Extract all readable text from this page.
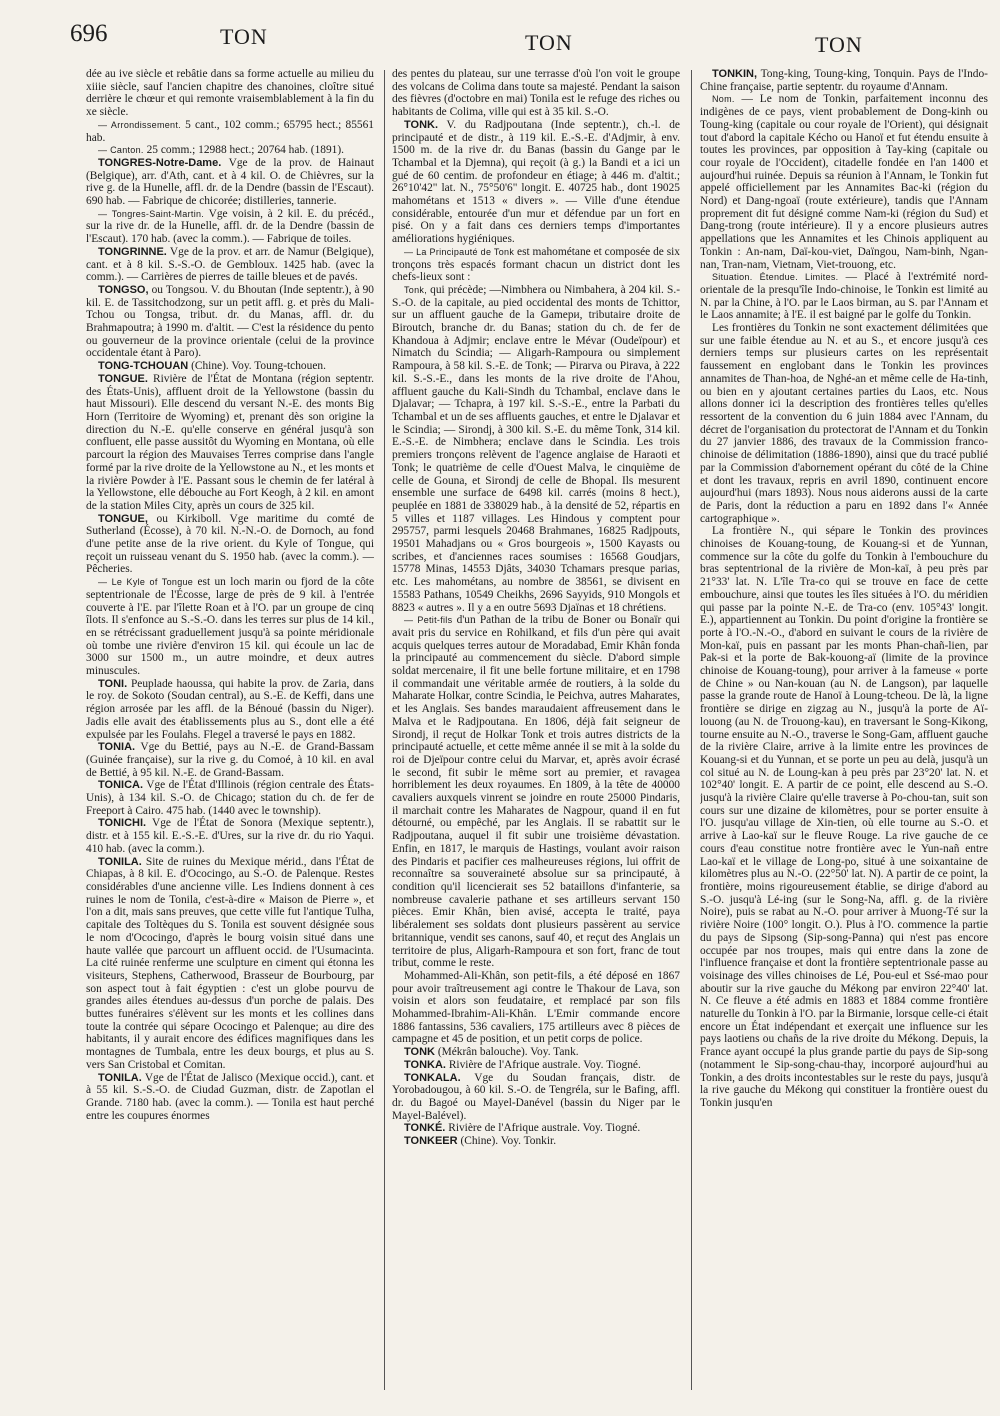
696	TON	TON	TON

dée au ive siècle et rebâtie dans sa forme actuelle au milieu du xiiie siècle, sauf l'ancien chapitre des chanoines, cloître situé derrière le chœur et qui remonte vraisemblablement à la fin du xe siècle.

— Arrondissement. 5 cant., 102 comm.; 65795 hect.; 85561 hab.

— Canton. 25 comm.; 12988 hect.; 20764 hab. (1891).

TONGRES-Notre-Dame. Vge de la prov. de Hainaut (Belgique), arr. d'Ath, cant. et à 4 kil. O. de Chièvres, sur la rive g. de la Hunelle, affl. dr. de la Dendre (bassin de l'Escaut). 690 hab. — Fabrique de chicorée; distilleries, tannerie.

— Tongres-Saint-Martin. Vge voisin, à 2 kil. E. du précéd., sur la rive dr. de la Hunelle, affl. dr. de la Dendre (bassin de l'Escaut). 170 hab. (avec la comm.). — Fabrique de toiles.

TONGRINNE. Vge de la prov. et arr. de Namur (Belgique), cant. et à 8 kil. S.-S.-O. de Gembloux. 1425 hab. (avec la comm.). — Carrières de pierres de taille bleues et de pavés.

TONGSO, ou Tongsou. V. du Bhoutan (Inde septentr.), à 90 kil. E. de Tassitchodzong, sur un petit affl. g. et près du Mali-Tchou ou Tongsa, tribut. dr. du Manas, affl. dr. du Brahmapoutra; à 1990 m. d'altit. — C'est la résidence du pento ou gouverneur de la province orientale (celui de la province occidentale étant à Paro).

TONG-TCHOUAN (Chine). Voy. Toung-tchouen.

TONGUE. Rivière de l'État de Montana (région septentr. des États-Unis), affluent droit de la Yellowstone (bassin du haut Missouri). Elle descend du versant N.-E. des monts Big Horn (Territoire de Wyoming) et, prenant dès son origine la direction du N.-E. qu'elle conserve en général jusqu'à son confluent, elle passe aussitôt du Wyoming en Montana, où elle parcourt la région des Mauvaises Terres comprise dans l'angle formé par la rive droite de la Yellowstone au N., et les monts et la rivière Powder à l'E. Passant sous le chemin de fer latéral à la Yellowstone, elle débouche au Fort Keogh, à 2 kil. en amont de la station Miles City, après un cours de 325 kil.

TONGUE, ou Kirkiboll. Vge maritime du comté de Sutherland (Écosse), à 70 kil. N.-N.-O. de Dornoch, au fond d'une petite anse de la rive orient. du Kyle of Tongue, qui reçoit un ruisseau venant du S. 1950 hab. (avec la comm.). — Pêcheries.

— Le Kyle of Tongue est un loch marin ou fjord de la côte septentrionale de l'Écosse, large de près de 9 kil. à l'entrée couverte à l'E. par l'îlette Roan et à l'O. par un groupe de cinq îlots. Il s'enfonce au S.-S.-O. dans les terres sur plus de 14 kil., en se rétrécissant graduellement jusqu'à sa pointe méridionale où tombe une rivière d'environ 15 kil. qui écoule un lac de 3000 sur 1500 m., un autre moindre, et deux autres minuscules.

TONI. Peuplade haoussa, qui habite la prov. de Zaria, dans le roy. de Sokoto (Soudan central), au S.-E. de Keffi, dans une région arrosée par les affl. de la Bénoué (bassin du Niger). Jadis elle avait des établissements plus au S., dont elle a été expulsée par les Foulahs. Flegel a traversé le pays en 1882.

TONIA. Vge du Bettié, pays au N.-E. de Grand-Bassam (Guinée française), sur la rive g. du Comoé, à 10 kil. en aval de Bettié, à 95 kil. N.-E. de Grand-Bassam.

TONICA. Vge de l'État d'Illinois (région centrale des États-Unis), à 134 kil. S.-O. de Chicago; station du ch. de fer de Freeport à Cairo. 475 hab. (1440 avec le township).

TONICHI. Vge de l'État de Sonora (Mexique septentr.), distr. et à 155 kil. E.-S.-E. d'Ures, sur la rive dr. du rio Yaqui. 410 hab. (avec la comm.).

TONILA. Site de ruines du Mexique mérid., dans l'État de Chiapas, à 8 kil. E. d'Ococingo, au S.-O. de Palenque. Restes considérables d'une ancienne ville. Les Indiens donnent à ces ruines le nom de Tonila, c'est-à-dire « Maison de Pierre », et l'on a dit, mais sans preuves, que cette ville fut l'antique Tulha, capitale des Toltèques du S. Tonila est souvent désignée sous le nom d'Ococingo, d'après le bourg voisin situé dans une haute vallée que parcourt un affluent occid. de l'Usumacinta. La cité ruinée renferme une sculpture en ciment qui étonna les visiteurs, Stephens, Catherwood, Brasseur de Bourbourg, par son aspect tout à fait égyptien : c'est un globe pourvu de grandes ailes étendues au-dessus d'un porche de palais. Des buttes funéraires s'élèvent sur les monts et les collines dans toute la contrée qui sépare Ococingo et Palenque; au dire des habitants, il y aurait encore des édifices magnifiques dans les montagnes de Tumbala, entre les deux bourgs, et plus au S. vers San Cristobal et Comitan.

TONILA. Vge de l'État de Jalisco (Mexique occid.), cant. et à 55 kil. S.-S.-O. de Ciudad Guzman, distr. de Zapotlan el Grande. 7180 hab. (avec la comm.). — Tonila est haut perché entre les coupures énormes

des pentes du plateau, sur une terrasse d'où l'on voit le groupe des volcans de Colima dans toute sa majesté. Pendant la saison des fièvres (d'octobre en mai) Tonila est le refuge des riches ou habitants de Colima, ville qui est à 35 kil. S.-O.

TONK. V. du Radjpoutana (Inde septentr.), ch.-l. de principauté et de distr., à 119 kil. E.-S.-E. d'Adjmir, à env. 1500 m. de la rive dr. du Banas (bassin du Gange par le Tchambal et la Djemna), qui reçoit (à g.) la Bandi et a ici un gué de 60 centim. de profondeur en étiage; à 446 m. d'altit.; 26°10'42" lat. N., 75°50'6" longit. E. 40725 hab., dont 19025 mahométans et 1513 « divers ». — Ville d'une étendue considérable, entourée d'un mur et défendue par un fort en pisé. On y a fait dans ces derniers temps d'importantes améliorations hygiéniques.

— La Principauté de Tonk est mahométane et composée de six tronçons très espacés formant chacun un district dont les chefs-lieux sont :

Tonk, qui précède; —Nimbhera ou Nimbahera, à 204 kil. S.-S.-O. de la capitale, au pied occidental des monts de Tchittor, sur un affluent gauche de la Gamери, tributaire droite de Biroutch, branche dr. du Banas; station du ch. de fer de Khandoua à Adjmir; enclave entre le Mévar (Oudeïpour) et Nimatch du Scindia; — Aligarh-Rampoura ou simplement Rampoura, à 58 kil. S.-E. de Tonk; — Pirarva ou Pirava, à 222 kil. S.-S.-E., dans les monts de la rive droite de l'Ahou, affluent gauche du Kali-Sindh du Tchambal, enclave dans le Djalavar; — Tchapra, à 197 kil. S.-S.-E., entre la Parbati du Tchambal et un de ses affluents gauches, et entre le Djalavar et le Scindia; — Sirondj, à 300 kil. S.-E. du même Tonk, 314 kil. E.-S.-E. de Nimbhera; enclave dans le Scindia. Les trois premiers tronçons relèvent de l'agence anglaise de Haraoti et Tonk; le quatrième de celle d'Ouest Malva, le cinquième de celle de Gouna, et Sirondj de celle de Bhopal. Ils mesurent ensemble une surface de 6498 kil. carrés (moins 8 hect.), peuplée en 1881 de 338029 hab., à la densité de 52, répartis en 5 villes et 1187 villages. Les Hindous y comptent pour 295757, parmi lesquels 20468 Brahmanes, 16825 Radjpouts, 19501 Mahadjans ou « Gros bourgeois », 1500 Kayasts ou scribes, et d'anciennes races soumises : 16568 Goudjars, 15778 Minas, 14553 Djâts, 34030 Tchamars presque parias, etc. Les mahométans, au nombre de 38561, se divisent en 15583 Pathans, 10549 Cheikhs, 2696 Sayyids, 910 Mongols et 8823 « autres ». Il y a en outre 5693 Djaïnas et 18 chrétiens.

— Petit-fils d'un Pathan de la tribu de Boner ou Bonaïr qui avait pris du service en Rohilkand, et fils d'un père qui avait acquis quelques terres autour de Moradabad, Emir Khân fonda la principauté au commencement du siècle. D'abord simple soldat mercenaire, il fit une belle fortune militaire, et en 1798 il commandait une véritable armée de routiers, à la solde du Maharate Holkar, contre Scindia, le Peichva, autres Maharates, et les Anglais. Ses bandes maraudaient affreusement dans le Malva et le Radjpoutana. En 1806, déjà fait seigneur de Sirondj, il reçut de Holkar Tonk et trois autres districts de la principauté actuelle, et cette même année il se mit à la solde du roi de Djeïpour contre celui du Marvar, et, après avoir écrasé le second, fit subir le même sort au premier, et ravagea horriblement les deux royaumes. En 1809, à la tête de 40000 cavaliers auxquels vinrent se joindre en route 25000 Pindaris, il marchait contre les Maharates de Nagpour, quand il en fut détourné, ou empêché, par les Anglais. Il se rabattit sur le Radjpoutana, auquel il fit subir une troisième dévastation. Enfin, en 1817, le marquis de Hastings, voulant avoir raison des Pindaris et pacifier ces malheureuses régions, lui offrit de reconnaître sa souveraineté absolue sur sa principauté, à condition qu'il licencierait ses 52 bataillons d'infanterie, sa nombreuse cavalerie pathane et ses artilleurs servant 150 pièces. Emir Khân, bien avisé, accepta le traité, paya libéralement ses soldats dont plusieurs passèrent au service britannique, vendit ses canons, sauf 40, et reçut des Anglais un territoire de plus, Aligarh-Rampoura et son fort, franc de tout tribut, comme le reste.

Mohammed-Ali-Khân, son petit-fils, a été déposé en 1867 pour avoir traîtreusement agi contre le Thakour de Lava, son voisin et alors son feudataire, et remplacé par son fils Mohammed-Ibrahim-Ali-Khân. L'Emir commande encore 1886 fantassins, 536 cavaliers, 175 artilleurs avec 8 pièces de campagne et 45 de position, et un petit corps de police.

TONK (Mékrân balouche). Voy. Tank.

TONKA. Rivière de l'Afrique australe. Voy. Tiogné.

TONKALA. Vge du Soudan français, distr. de Yorobadougou, à 60 kil. S.-O. de Tengréla, sur le Bafing, affl. dr. du Bagoé ou Mayel-Danével (bassin du Niger par le Mayel-Balével).

TONKÉ. Rivière de l'Afrique australe. Voy. Tiogné.

TONKEER (Chine). Voy. Tonkir.

TONKIN, Tong-king, Toung-king, Tonquin. Pays de l'Indo-Chine française, partie septentr. du royaume d'Annam.

Nom. — Le nom de Tonkin, parfaitement inconnu des indigènes de ce pays, vient probablement de Dong-kinh ou Toung-king (capitale ou cour royale de l'Orient), qui désignait tout d'abord la capitale Kécho ou Hanoï et fut étendu ensuite à toutes les provinces, par opposition à Tay-king (capitale ou cour royale de l'Occident), citadelle fondée en l'an 1400 et aujourd'hui ruinée. Depuis sa réunion à l'Annam, le Tonkin fut appelé officiellement par les Annamites Bac-ki (région du Nord) et Dang-ngoaï (route extérieure), tandis que l'Annam proprement dit fut désigné comme Nam-ki (région du Sud) et Dang-trong (route intérieure). Il y a encore plusieurs autres appellations que les Annamites et les Chinois appliquent au Tonkin : An-nam, Daï-kou-viet, Daïngou, Nam-binh, Ngan-nan, Tran-nam, Vietnam, Viet-trouong, etc.

Situation. Étendue. Limites. — Placé à l'extrémité nord-orientale de la presqu'île Indo-chinoise, le Tonkin est limité au N. par la Chine, à l'O. par le Laos birman, au S. par l'Annam et le Laos annamite; à l'E. il est baigné par le golfe du Tonkin.

Les frontières du Tonkin ne sont exactement délimitées que sur une faible étendue au N. et au S., et encore jusqu'à ces derniers temps sur plusieurs cartes on les représentait faussement en englobant dans le Tonkin les provinces annamites de Than-hoa, de Nghé-an et même celle de Ha-tinh, ou bien en y ajoutant certaines parties du Laos, etc. Nous allons donner ici la description des frontières telles qu'elles ressortent de la convention du 6 juin 1884 avec l'Annam, du décret de l'organisation du protectorat de l'Annam et du Tonkin du 27 janvier 1886, des travaux de la Commission franco-chinoise de délimitation (1886-1890), ainsi que du tracé publié par la Commission d'abornement opérant du côté de la Chine et dont les travaux, repris en avril 1890, continuent encore aujourd'hui (mars 1893). Nous nous aiderons aussi de la carte de Paris, dont la réduction a paru en 1892 dans l'« Année cartographique ».

La frontière N., qui sépare le Tonkin des provinces chinoises de Kouang-toung, de Kouang-si et de Yunnan, commence sur la côte du golfe du Tonkin à l'embouchure du bras septentrional de la rivière de Mon-kaï, à peu près par 21°33' lat. N. L'île Tra-co qui se trouve en face de cette embouchure, ainsi que toutes les îles situées à l'O. du méridien qui passe par la pointe N.-E. de Tra-co (env. 105°43' longit. E.), appartiennent au Tonkin. Du point d'origine la frontière se porte à l'O.-N.-O., d'abord en suivant le cours de la rivière de Mon-kaï, puis en passant par les monts Phan-chañ-lien, par Pak-si et la porte de Bak-kouong-aï (limite de la province chinoise de Kouang-toung), pour arriver à la fameuse « porte de Chine » ou Nan-kouan (au N. de Langson), par laquelle passe la grande route de Hanoï à Loung-tcheou. De là, la ligne frontière se dirige en zigzag au N., jusqu'à la porte de Aï-louong (au N. de Trouong-kau), en traversant le Song-Kikong, tourne ensuite au N.-O., traverse le Song-Gam, affluent gauche de la rivière Claire, arrive à la limite entre les provinces de Kouang-si et du Yunnan, et se porte un peu au delà, jusqu'à un col situé au N. de Loung-kan à peu près par 23°20' lat. N. et 102°40' longit. E. A partir de ce point, elle descend au S.-O. jusqu'à la rivière Claire qu'elle traverse à Po-chou-tan, suit son cours sur une dizaine de kilomètres, pour se porter ensuite à l'O. jusqu'au village de Xin-tien, où elle tourne au S.-O. et arrive à Lao-kaï sur le fleuve Rouge. La rive gauche de ce cours d'eau constitue notre frontière avec le Yun-nañ entre Lao-kaï et le village de Long-po, situé à une soixantaine de kilomètres plus au N.-O. (22°50' lat. N). A partir de ce point, la frontière, moins rigoureusement établie, se dirige d'abord au S.-O. jusqu'à Lé-ing (sur le Song-Na, affl. g. de la rivière Noire), puis se rabat au N.-O. pour arriver à Muong-Té sur la rivière Noire (100° longit. O.). Plus à l'O. commence la partie du pays de Sipsong (Sip-song-Panna) qui n'est pas encore occupée par nos troupes, mais qui entre dans la zone de l'influence française et dont la frontière septentrionale passe au voisinage des villes chinoises de Lé, Pou-eul et Ssé-mao pour aboutir sur la rive gauche du Mékong par environ 22°40' lat. N. Ce fleuve a été admis en 1883 et 1884 comme frontière naturelle du Tonkin à l'O. par la Birmanie, lorsque celle-ci était encore un État indépendant et exerçait une influence sur les pays laotiens ou chañs de la rive droite du Mékong. Depuis, la France ayant occupé la plus grande partie du pays de Sip-song (notamment le Sip-song-chau-thay, incorporé aujourd'hui au Tonkin, a des droits incontestables sur le reste du pays, jusqu'à la rive gauche du Mékong qui constituer la frontière ouest du Tonkin jusqu'en
